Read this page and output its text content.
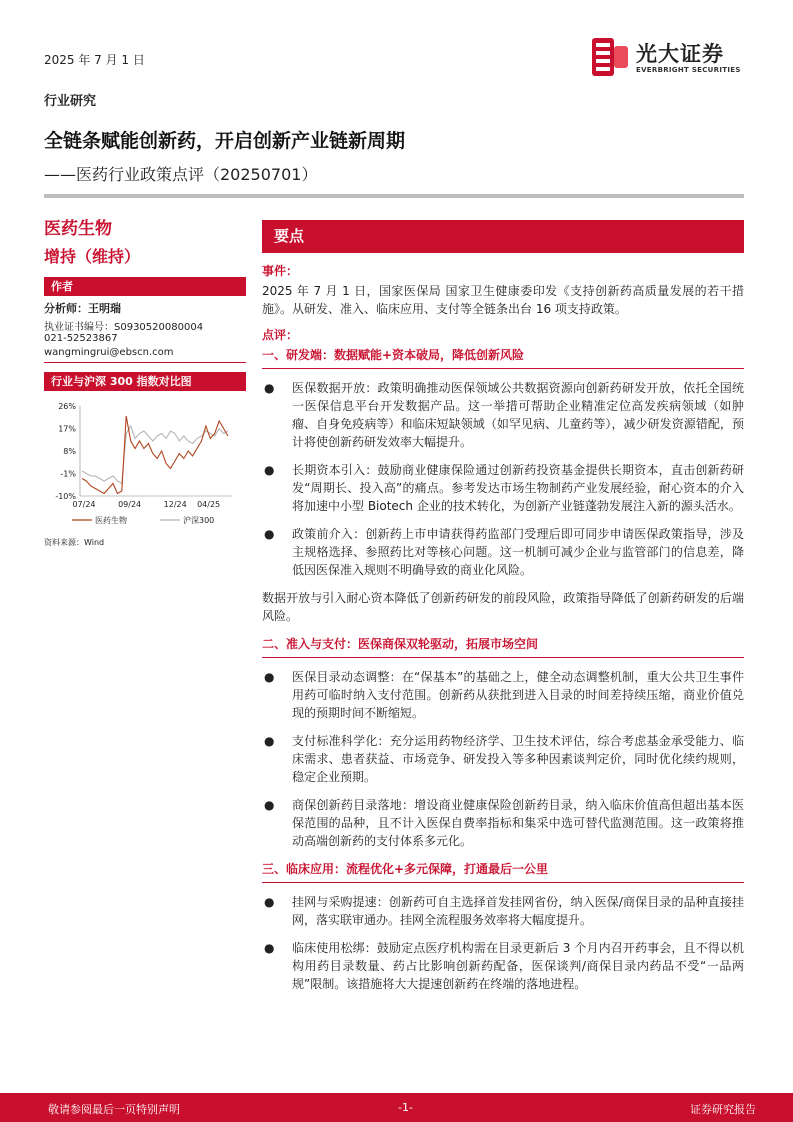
2025 年 7 月 1 日	光大证券
EVERBRIGHT SECURITIES
行业研究
全链条赋能创新药，开启创新产业链新周期
——医药行业政策点评（20250701）
医药生物
增持（维持）
作者
分析师：王明瑞
执业证书编号：S0930520080004
021-52523867
wangmingrui@ebscn.com
行业与沪深 300 指数对比图
26%
17%
8%
-1%
-10%
07/24	09/24	12/24 04/25
医药生物	沪深300
资料来源：Wind
要点
事件：
2025 年 7 月 1 日，国家医保局 国家卫生健康委印发《支持创新药高质量发展的若干措施》。从研发、准入、临床应用、支付等全链条出台 16 项支持政策。
点评：
一、研发端：数据赋能+资本破局，降低创新风险
● 医保数据开放：政策明确推动医保领域公共数据资源向创新药研发开放，依托全国统一医保信息平台开发数据产品。这一举措可帮助企业精准定位高发疾病领域（如肿瘤、自身免疫病等）和临床短缺领域（如罕见病、儿童药等），减少研发资源错配，预计将使创新药研发效率大幅提升。
● 长期资本引入：鼓励商业健康保险通过创新药投资基金提供长期资本，直击创新药研发“周期长、投入高”的痛点。参考发达市场生物制药产业发展经验，耐心资本的介入将加速中小型 Biotech 企业的技术转化，为创新产业链蓬勃发展注入新的源头活水。
● 政策前介入：创新药上市申请获得药监部门受理后即可同步申请医保政策指导，涉及主规格选择、参照药比对等核心问题。这一机制可减少企业与监管部门的信息差，降低因医保准入规则不明确导致的商业化风险。
数据开放与引入耐心资本降低了创新药研发的前段风险，政策指导降低了创新药研发的后端风险。
二、准入与支付：医保商保双轮驱动，拓展市场空间
● 医保目录动态调整：在“保基本”的基础之上，健全动态调整机制，重大公共卫生事件用药可临时纳入支付范围。创新药从获批到进入目录的时间差持续压缩，商业价值兑现的预期时间不断缩短。
● 支付标准科学化：充分运用药物经济学、卫生技术评估，综合考虑基金承受能力、临床需求、患者获益、市场竞争、研发投入等多种因素谈判定价，同时优化续约规则，稳定企业预期。
● 商保创新药目录落地：增设商业健康保险创新药目录，纳入临床价值高但超出基本医保范围的品种，且不计入医保自费率指标和集采中选可替代监测范围。这一政策将推动高端创新药的支付体系多元化。
三、临床应用：流程优化+多元保障，打通最后一公里
● 挂网与采购提速：创新药可自主选择首发挂网省份，纳入医保/商保目录的品种直接挂网，落实联审通办。挂网全流程服务效率将大幅度提升。
● 临床使用松绑：鼓励定点医疗机构需在目录更新后 3 个月内召开药事会，且不得以机构用药目录数量、药占比影响创新药配备，医保谈判/商保目录内药品不受“一品两规”限制。该措施将大大提速创新药在终端的落地进程。
敬请参阅最后一页特别声明	-1-	证券研究报告
